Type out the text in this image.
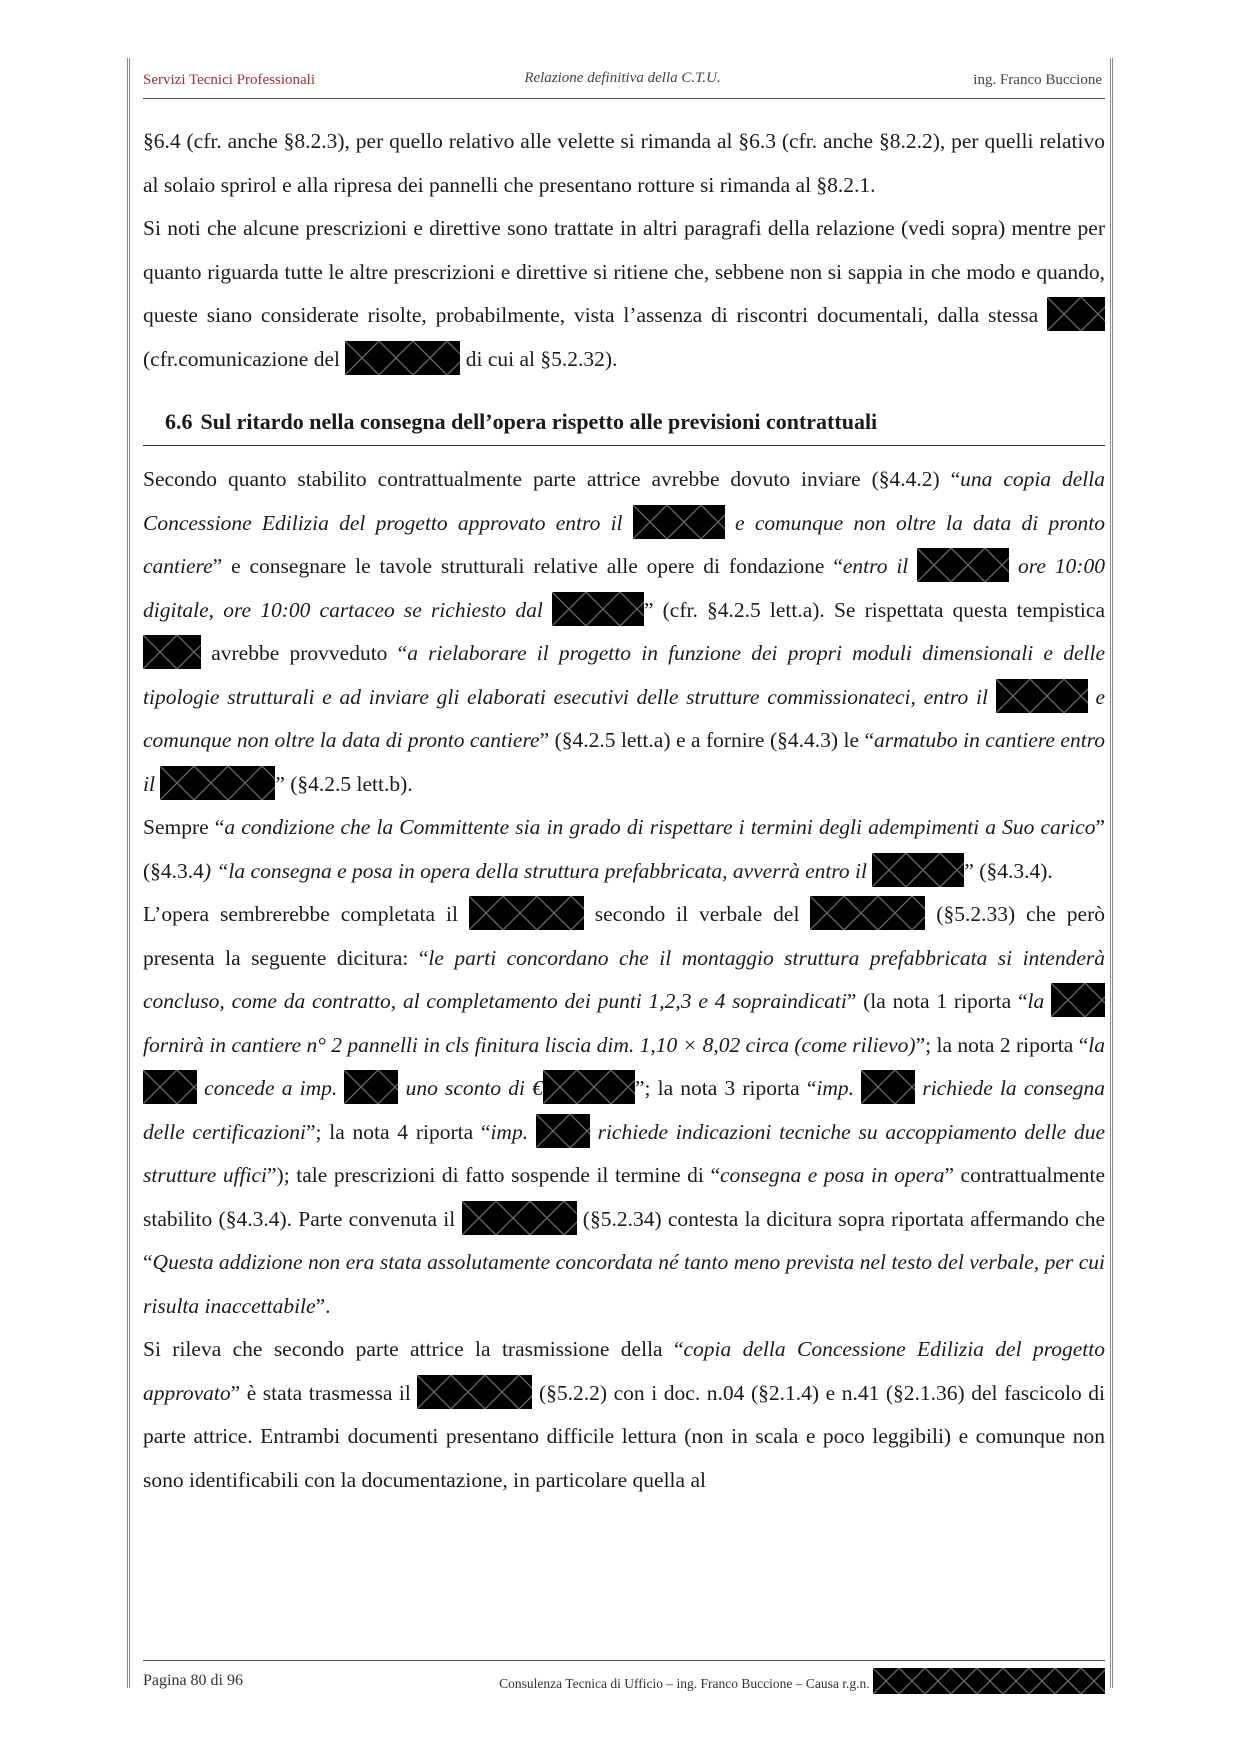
Servizi Tecnici Professionali	Relazione definitiva della C.T.U.	ing. Franco Buccione

§6.4 (cfr. anche §8.2.3), per quello relativo alle velette si rimanda al §6.3 (cfr. anche §8.2.2), per quelli relativo al solaio sprirol e alla ripresa dei pannelli che presentano rotture si rimanda al §8.2.1.

Si noti che alcune prescrizioni e direttive sono trattate in altri paragrafi della relazione (vedi sopra) mentre per quanto riguarda tutte le altre prescrizioni e direttive si ritiene che, sebbene non si sappia in che modo e quando, queste siano considerate risolte, probabilmente, vista l’assenza di riscontri documentali, dalla stessa
(cfr.comunicazione del	di cui al §5.2.32).

6.6 Sul ritardo nella consegna dell’opera rispetto alle previsioni contrattuali

Secondo quanto stabilito contrattualmente parte attrice avrebbe dovuto inviare (§4.4.2) “una copia della Concessione Edilizia del progetto approvato entro il	e comunque non oltre la data di pronto cantiere” e consegnare le tavole strutturali relative alle opere di fondazione “entro il	ore 10:00 digitale, ore 10:00 cartaceo se richiesto dal	” (cfr. §4.2.5 lett.a). Se rispettata questa tempistica
avrebbe provveduto “a rielaborare il progetto in funzione dei propri moduli dimensionali e delle tipologie strutturali e ad inviare gli elaborati esecutivi delle strutture commissionateci, entro il	e comunque non oltre la data di pronto cantiere” (§4.2.5 lett.a) e a fornire (§4.4.3) le “armatubo in cantiere entro il	” (§4.2.5 lett.b).

Sempre “a condizione che la Committente sia in grado di rispettare i termini degli adempimenti a Suo carico” (§4.3.4) “la consegna e posa in opera della struttura prefabbricata, avverrà entro il	” (§4.3.4).

L’opera sembrerebbe completata il	secondo il verbale del	(§5.2.33) che però presenta la seguente dicitura: “le parti concordano che il montaggio struttura prefabbricata si intenderà concluso, come da contratto, al completamento dei punti 1,2,3 e 4 sopraindicati” (la nota 1 riporta “la
fornirà in cantiere n° 2 pannelli in cls finitura liscia dim. 1,10 × 8,02 circa (come rilievo)”; la nota 2 riporta “la
concede a imp.	uno sconto di €	”; la nota 3 riporta “imp.	richiede la consegna delle certificazioni”; la nota 4 riporta “imp.	richiede indicazioni tecniche su accoppiamento delle due strutture uffici”); tale prescrizioni di fatto sospende il termine di “consegna e posa in opera” contrattualmente stabilito (§4.3.4). Parte convenuta il	(§5.2.34) contesta la dicitura sopra riportata affermando che “Questa addizione non era stata assolutamente concordata né tanto meno prevista nel testo del verbale, per cui risulta inaccettabile”.

Si rileva che secondo parte attrice la trasmissione della “copia della Concessione Edilizia del progetto approvato” è stata trasmessa il	(§5.2.2) con i doc. n.04 (§2.1.4) e n.41 (§2.1.36) del fascicolo di parte attrice. Entrambi documenti presentano difficile lettura (non in scala e poco leggibili) e comunque non sono identificabili con la documentazione, in particolare quella al

Pagina 80 di 96	Consulenza Tecnica di Ufficio – ing. Franco Buccione – Causa r.g.n.
